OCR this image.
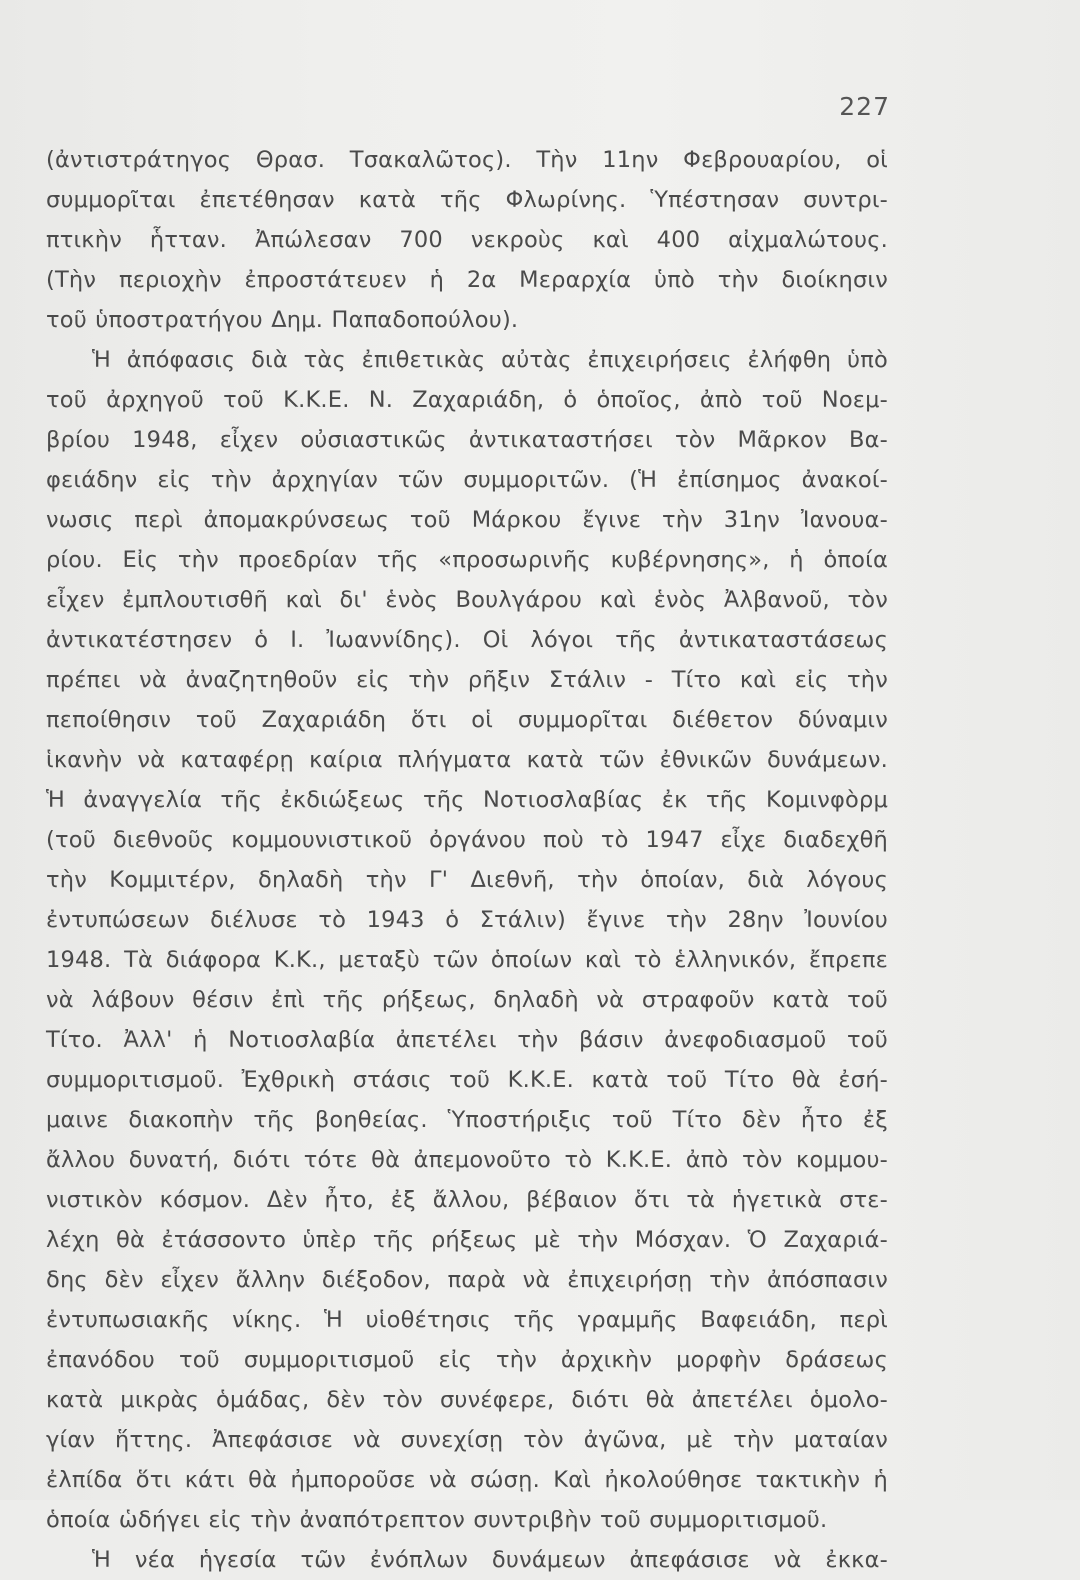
227
(ἀντιστράτηγος Θρασ. Τσακαλῶτος). Τὴν 11ην Φεβρουαρίου, οἱ
συμμορῖται ἐπετέθησαν κατὰ τῆς Φλωρίνης. Ὑπέστησαν συντρι-
πτικὴν ἧτταν. Ἀπώλεσαν 700 νεκροὺς καὶ 400 αἰχμαλώτους.
(Τὴν περιοχὴν ἐπροστάτευεν ἡ 2α Μεραρχία ὑπὸ τὴν διοίκησιν
τοῦ ὑποστρατήγου Δημ. Παπαδοπούλου).
Ἡ ἀπόφασις διὰ τὰς ἐπιθετικὰς αὐτὰς ἐπιχειρήσεις ἐλήφθη ὑπὸ
τοῦ ἀρχηγοῦ τοῦ Κ.Κ.Ε. Ν. Ζαχαριάδη, ὁ ὁποῖος, ἀπὸ τοῦ Νοεμ-
βρίου 1948, εἶχεν οὐσιαστικῶς ἀντικαταστήσει τὸν Μᾶρκον Βα-
φειάδην εἰς τὴν ἀρχηγίαν τῶν συμμοριτῶν. (Ἡ ἐπίσημος ἀνακοί-
νωσις περὶ ἀπομακρύνσεως τοῦ Μάρκου ἔγινε τὴν 31ην Ἰανουα-
ρίου. Εἰς τὴν προεδρίαν τῆς «προσωρινῆς κυβέρνησης», ἡ ὁποία
εἶχεν ἐμπλουτισθῆ καὶ δι' ἑνὸς Βουλγάρου καὶ ἑνὸς Ἀλβανοῦ, τὸν
ἀντικατέστησεν ὁ Ι. Ἰωαννίδης). Οἱ λόγοι τῆς ἀντικαταστάσεως
πρέπει νὰ ἀναζητηθοῦν εἰς τὴν ρῆξιν Στάλιν - Τίτο καὶ εἰς τὴν
πεποίθησιν τοῦ Ζαχαριάδη ὅτι οἱ συμμορῖται διέθετον δύναμιν
ἱκανὴν νὰ καταφέρῃ καίρια πλήγματα κατὰ τῶν ἐθνικῶν δυνάμεων.
Ἡ ἀναγγελία τῆς ἐκδιώξεως τῆς Νοτιοσλαβίας ἐκ τῆς Κομινφὸρμ
(τοῦ διεθνοῦς κομμουνιστικοῦ ὀργάνου ποὺ τὸ 1947 εἶχε διαδεχθῆ
τὴν Κομμιτέρν, δηλαδὴ τὴν Γ' Διεθνῆ, τὴν ὁποίαν, διὰ λόγους
ἐντυπώσεων διέλυσε τὸ 1943 ὁ Στάλιν) ἔγινε τὴν 28ην Ἰουνίου
1948. Τὰ διάφορα Κ.Κ., μεταξὺ τῶν ὁποίων καὶ τὸ ἑλληνικόν, ἔπρεπε
νὰ λάβουν θέσιν ἐπὶ τῆς ρήξεως, δηλαδὴ νὰ στραφοῦν κατὰ τοῦ
Τίτο. Ἀλλ' ἡ Νοτιοσλαβία ἀπετέλει τὴν βάσιν ἀνεφοδιασμοῦ τοῦ
συμμοριτισμοῦ. Ἐχθρικὴ στάσις τοῦ Κ.Κ.Ε. κατὰ τοῦ Τίτο θὰ ἐσή-
μαινε διακοπὴν τῆς βοηθείας. Ὑποστήριξις τοῦ Τίτο δὲν ἦτο ἐξ
ἄλλου δυνατή, διότι τότε θὰ ἀπεμονοῦτο τὸ Κ.Κ.Ε. ἀπὸ τὸν κομμου-
νιστικὸν κόσμον. Δὲν ἦτο, ἐξ ἄλλου, βέβαιον ὅτι τὰ ἡγετικὰ στε-
λέχη θὰ ἐτάσσοντο ὑπὲρ τῆς ρήξεως μὲ τὴν Μόσχαν. Ὁ Ζαχαριά-
δης δὲν εἶχεν ἄλλην διέξοδον, παρὰ νὰ ἐπιχειρήσῃ τὴν ἀπόσπασιν
ἐντυπωσιακῆς νίκης. Ἡ υἱοθέτησις τῆς γραμμῆς Βαφειάδη, περὶ
ἐπανόδου τοῦ συμμοριτισμοῦ εἰς τὴν ἀρχικὴν μορφὴν δράσεως
κατὰ μικρὰς ὁμάδας, δὲν τὸν συνέφερε, διότι θὰ ἀπετέλει ὁμολο-
γίαν ἥττης. Ἀπεφάσισε νὰ συνεχίσῃ τὸν ἀγῶνα, μὲ τὴν ματαίαν
ἐλπίδα ὅτι κάτι θὰ ἠμποροῦσε νὰ σώσῃ. Καὶ ἠκολούθησε τακτικὴν ἡ
ὁποία ὡδήγει εἰς τὴν ἀναπότρεπτον συντριβὴν τοῦ συμμοριτισμοῦ.
Ἡ νέα ἡγεσία τῶν ἐνόπλων δυνάμεων ἀπεφάσισε νὰ ἐκκα-
